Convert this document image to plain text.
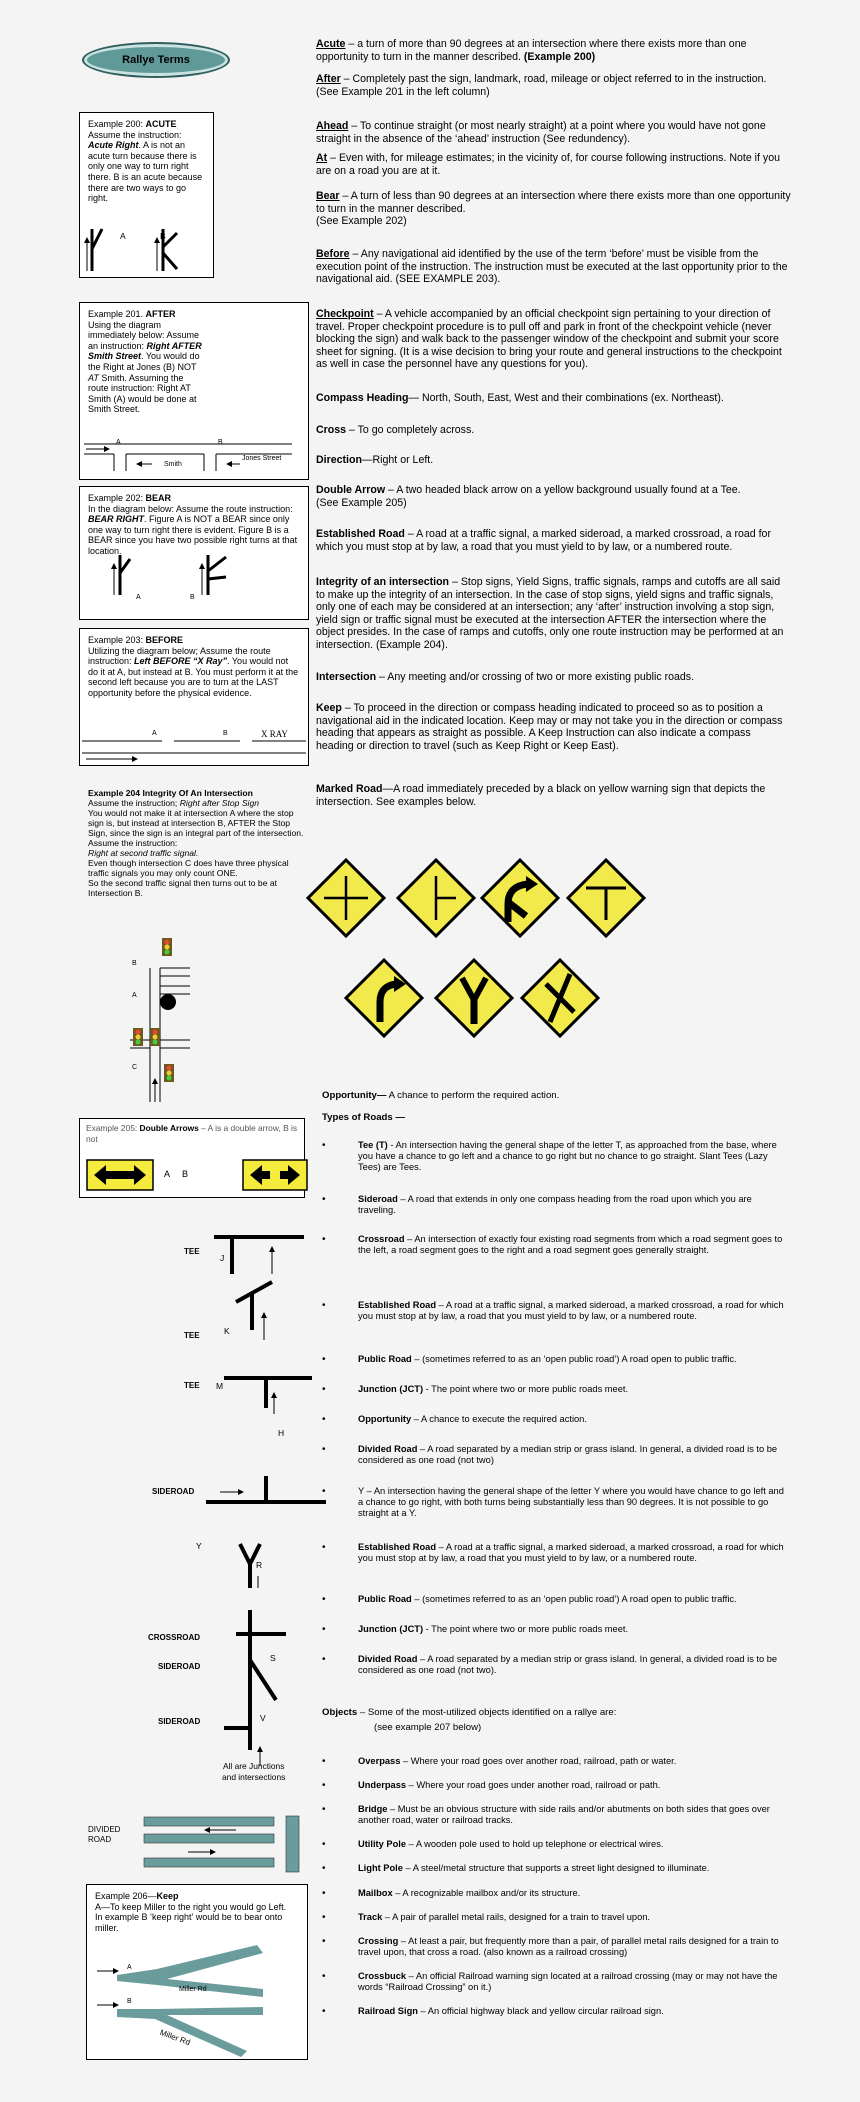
Rallye Terms
Acute – a turn of more than 90 degrees at an intersection where there exists more than one opportunity to turn in the manner described. (Example 200)
After – Completely past the sign, landmark, road, mileage or object referred to in the instruction. (See Example 201 in the left column)
Ahead – To continue straight (or most nearly straight) at a point where you would have not gone straight in the absence of the ‘ahead’ instruction (See redundency).
At – Even with, for mileage estimates; in the vicinity of, for course following instructions. Note if you are on a road you are at it.
Bear – A turn of less than 90 degrees at an intersection where there exists more than one opportunity to turn in the manner described.
(See Example 202)
Before – Any navigational aid identified by the use of the term ‘before’ must be visible from the execution point of the instruction. The instruction must be executed at the last opportunity prior to the navigational aid. (SEE EXAMPLE 203).
Checkpoint – A vehicle accompanied by an official checkpoint sign pertaining to your direction of travel. Proper checkpoint procedure is to pull off and park in front of the checkpoint vehicle (never blocking the sign) and walk back to the passenger window of the checkpoint and submit your score sheet for signing. (It is a wise decision to bring your route and general instructions to the checkpoint as well in case the personnel have any questions for you).
Compass Heading— North, South, East, West and their combinations (ex. Northeast).
Cross – To go completely across.
Direction—Right or Left.
Double Arrow – A two headed black arrow on a yellow background usually found at a Tee.
(See Example 205)
Established Road – A road at a traffic signal, a marked sideroad, a marked crossroad, a road for which you must stop at by law, a road that you must yield to by law, or a numbered route.
Integrity of an intersection – Stop signs, Yield Signs, traffic signals, ramps and cutoffs are all said to make up the integrity of an intersection. In the case of stop signs, yield signs and traffic signals, only one of each may be considered at an intersection; any ‘after’ instruction involving a stop sign, yield sign or traffic signal must be executed at the intersection AFTER the intersection where the object presides. In the case of ramps and cutoffs, only one route instruction may be performed at an intersection. (Example 204).
Intersection – Any meeting and/or crossing of two or more existing public roads.
Keep – To proceed in the direction or compass heading indicated to proceed so as to position a navigational aid in the indicated location. Keep may or may not take you in the direction or compass heading that appears as straight as possible. A Keep Instruction can also indicate a compass heading or direction to travel (such as Keep Right or Keep East).
Marked Road—A road immediately preceded by a black on yellow warning sign that depicts the intersection. See examples below.

Example 200: ACUTE

Assume the instruction: Acute Right. A is not an acute turn because there is only one way to turn right there. B is an acute because there are two ways to go right.

A	B

Example 201. AFTER

Using the diagram immediately below: Assume an instruction: Right AFTER Smith Street. You would do the Right at Jones (B) NOT AT Smith. Assuming the route instruction: Right AT Smith (A) would be done at Smith Street.

A	B
Smith
Jones Street

Example 202: BEAR

In the diagram below: Assume the route instruction: BEAR RIGHT. Figure A is NOT a BEAR since only one way to turn right there is evident. Figure B is a BEAR since you have two possible right turns at that location.

A	B

Example 203: BEFORE

Utilizing the diagram below; Assume the route instruction: Left BEFORE “X Ray”. You would not do it at A, but instead at B. You must perform it at the second left because you are to turn at the LAST opportunity before the physical evidence.

A	B	X RAY
Example 204 Integrity Of An Intersection
Assume the instruction; Right after Stop Sign
You would not make it at intersection A where the stop sign is, but instead at intersection B, AFTER the Stop Sign, since the sign is an integral part of the intersection.
Assume the instruction:
Right at second traffic signal.
Even though intersection C does have three physical traffic signals you may only count ONE.
So the second traffic signal then turns out to be at Intersection B.
B
A
C

Example 205: Double Arrows – A is a double arrow, B is not

A B
TEE
J
TEE	K
TEE M
H
SIDEROAD	I
Y
R
CROSSROAD
SIDEROAD
S
SIDEROAD	V
All are Junctions
and intersections
DIVIDED
ROAD

Example 206—Keep

A—To keep Miller to the right you would go Left.

In example B ‘keep right’ would be to bear onto miller.

A
B
Miller Rd
Miller Rd
Opportunity— A chance to perform the required action.
Types of Roads —
•	Tee (T) - An intersection having the general shape of the letter T, as approached from the base, where you have a chance to go left and a chance to go right but no chance to go straight. Slant Tees (Lazy Tees) are Tees.
•	Sideroad – A road that extends in only one compass heading from the road upon which you are traveling.
•	Crossroad – An intersection of exactly four existing road segments from which a road segment goes to the left, a road segment goes to the right and a road segment goes generally straight.
•	Established Road – A road at a traffic signal, a marked sideroad, a marked crossroad, a road for which you must stop at by law, a road that you must yield to by law, or a numbered route.
•	Public Road – (sometimes referred to as an ‘open public road’) A road open to public traffic.
•	Junction (JCT) - The point where two or more public roads meet.
•	Opportunity – A chance to execute the required action.
•	Divided Road – A road separated by a median strip or grass island. In general, a divided road is to be considered as one road (not two)
•	Y – An intersection having the general shape of the letter Y where you would have chance to go left and a chance to go right, with both turns being substantially less than 90 degrees. It is not possible to go straight at a Y.
•	Established Road – A road at a traffic signal, a marked sideroad, a marked crossroad, a road for which you must stop at by law, a road that you must yield to by law, or a numbered route.
•	Public Road – (sometimes referred to as an ‘open public road’) A road open to public traffic.
•	Junction (JCT) - The point where two or more public roads meet.
•	Divided Road – A road separated by a median strip or grass island. In general, a divided road is to be considered as one road (not two).
Objects – Some of the most-utilized objects identified on a rallye are:
(see example 207 below)
•	Overpass – Where your road goes over another road, railroad, path or water.
•	Underpass – Where your road goes under another road, railroad or path.
•	Bridge – Must be an obvious structure with side rails and/or abutments on both sides that goes over another road, water or railroad tracks.
•	Utility Pole – A wooden pole used to hold up telephone or electrical wires.
•	Light Pole – A steel/metal structure that supports a street light designed to illuminate.
•	Mailbox – A recognizable mailbox and/or its structure.
•	Track – A pair of parallel metal rails, designed for a train to travel upon.
•	Crossing – At least a pair, but frequently more than a pair, of parallel metal rails designed for a train to travel upon, that cross a road. (also known as a railroad crossing)
•	Crossbuck – An official Railroad warning sign located at a railroad crossing (may or may not have the words “Railroad Crossing” on it.)
•	Railroad Sign – An official highway black and yellow circular railroad sign.
